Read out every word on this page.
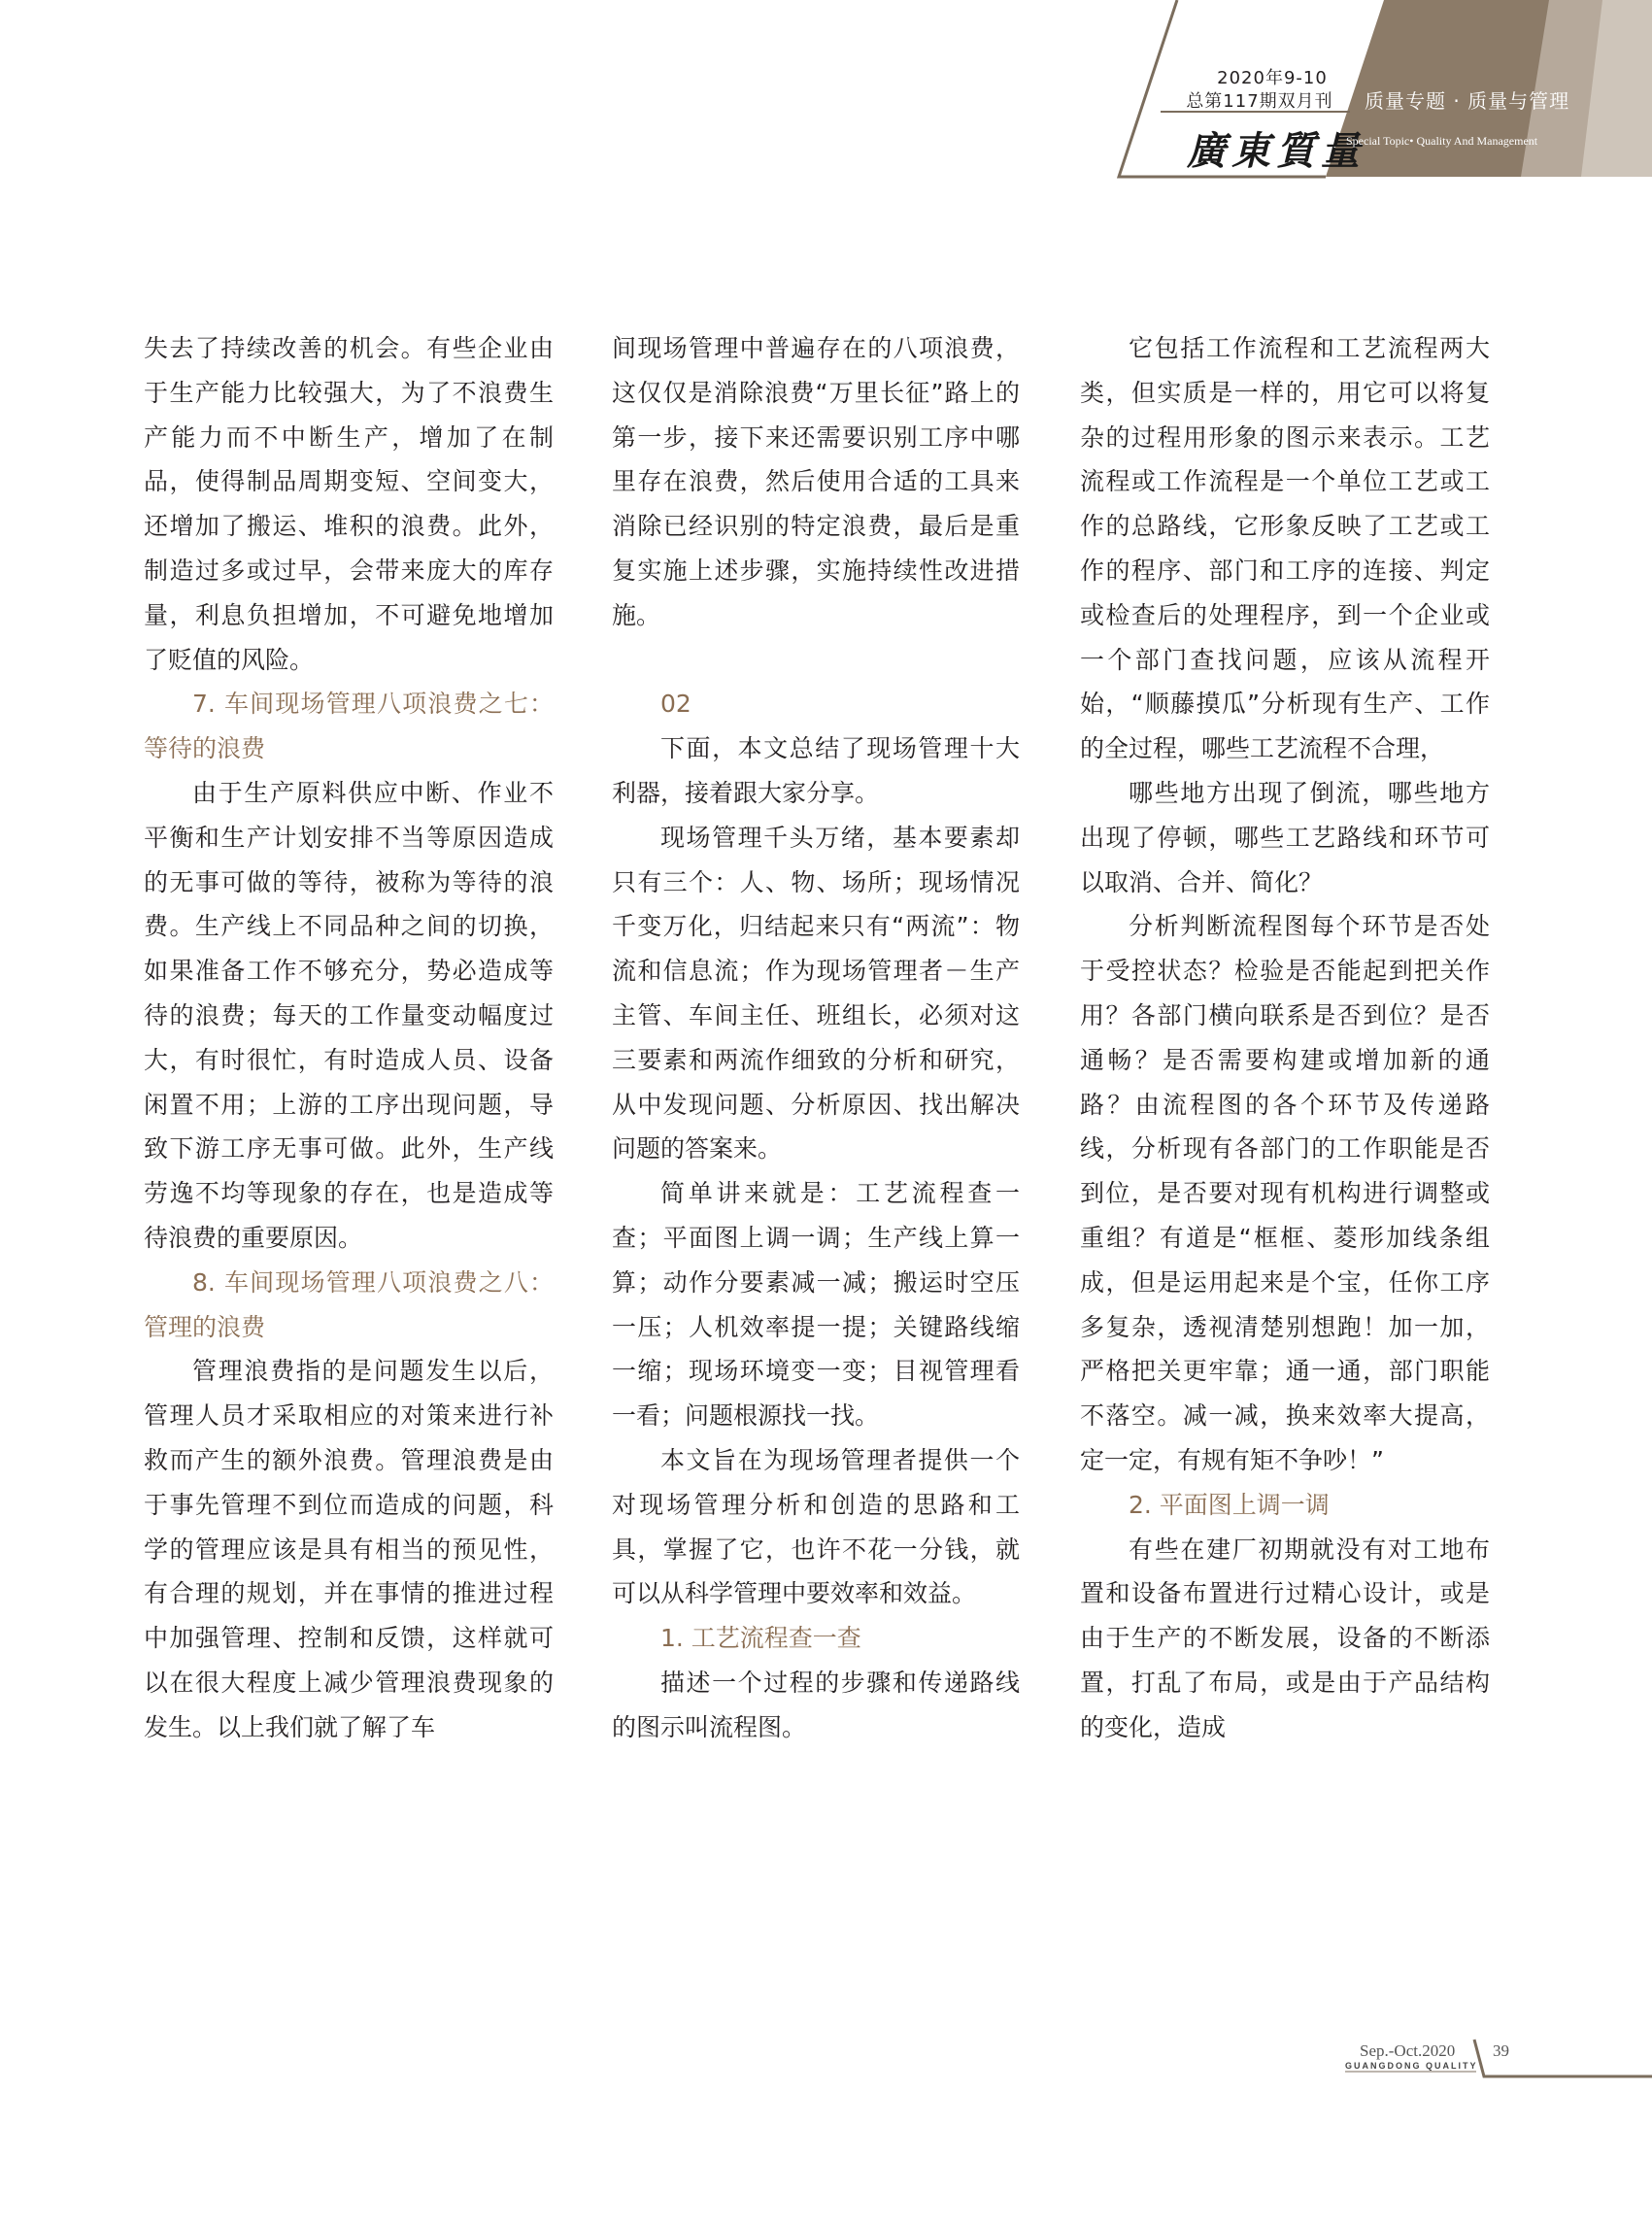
2020年9-10
总第117期双月刊
廣東質量
质量专题 · 质量与管理
Special Topic• Quality And Management

失去了持续改善的机会。有些企业由于生产能力比较强大，为了不浪费生产能力而不中断生产，增加了在制品，使得制品周期变短、空间变大，还增加了搬运、堆积的浪费。此外，制造过多或过早，会带来庞大的库存量，利息负担增加，不可避免地增加了贬值的风险。

7. 车间现场管理八项浪费之七：等待的浪费

由于生产原料供应中断、作业不平衡和生产计划安排不当等原因造成的无事可做的等待，被称为等待的浪费。生产线上不同品种之间的切换，如果准备工作不够充分，势必造成等待的浪费；每天的工作量变动幅度过大，有时很忙，有时造成人员、设备闲置不用；上游的工序出现问题，导致下游工序无事可做。此外，生产线劳逸不均等现象的存在，也是造成等待浪费的重要原因。

8. 车间现场管理八项浪费之八：管理的浪费

管理浪费指的是问题发生以后，管理人员才采取相应的对策来进行补救而产生的额外浪费。管理浪费是由于事先管理不到位而造成的问题，科学的管理应该是具有相当的预见性，有合理的规划，并在事情的推进过程中加强管理、控制和反馈，这样就可以在很大程度上减少管理浪费现象的发生。以上我们就了解了车

间现场管理中普遍存在的八项浪费，这仅仅是消除浪费“万里长征”路上的第一步，接下来还需要识别工序中哪里存在浪费，然后使用合适的工具来消除已经识别的特定浪费，最后是重复实施上述步骤，实施持续性改进措施。

02

下面，本文总结了现场管理十大利器，接着跟大家分享。

现场管理千头万绪，基本要素却只有三个：人、物、场所；现场情况千变万化，归结起来只有“两流”：物流和信息流；作为现场管理者－生产主管、车间主任、班组长，必须对这三要素和两流作细致的分析和研究，从中发现问题、分析原因、找出解决问题的答案来。

简单讲来就是：工艺流程查一查；平面图上调一调；生产线上算一算；动作分要素减一减；搬运时空压一压；人机效率提一提；关键路线缩一缩；现场环境变一变；目视管理看一看；问题根源找一找。

本文旨在为现场管理者提供一个对现场管理分析和创造的思路和工具，掌握了它，也许不花一分钱，就可以从科学管理中要效率和效益。

1. 工艺流程查一查

描述一个过程的步骤和传递路线的图示叫流程图。

它包括工作流程和工艺流程两大类，但实质是一样的，用它可以将复杂的过程用形象的图示来表示。工艺流程或工作流程是一个单位工艺或工作的总路线，它形象反映了工艺或工作的程序、部门和工序的连接、判定或检查后的处理程序，到一个企业或一个部门查找问题，应该从流程开始，“顺藤摸瓜”分析现有生产、工作的全过程，哪些工艺流程不合理，

哪些地方出现了倒流，哪些地方出现了停顿，哪些工艺路线和环节可以取消、合并、简化？

分析判断流程图每个环节是否处于受控状态？检验是否能起到把关作用？各部门横向联系是否到位？是否通畅？是否需要构建或增加新的通路？由流程图的各个环节及传递路线，分析现有各部门的工作职能是否到位，是否要对现有机构进行调整或重组？有道是“框框、菱形加线条组成，但是运用起来是个宝，任你工序多复杂，透视清楚别想跑！加一加，严格把关更牢靠；通一通，部门职能不落空。减一减，换来效率大提高，定一定，有规有矩不争吵！”

2. 平面图上调一调

有些在建厂初期就没有对工地布置和设备布置进行过精心设计，或是由于生产的不断发展，设备的不断添置，打乱了布局，或是由于产品结构的变化，造成

Sep.-Oct.2020
GUANGDONG QUALITY
39
